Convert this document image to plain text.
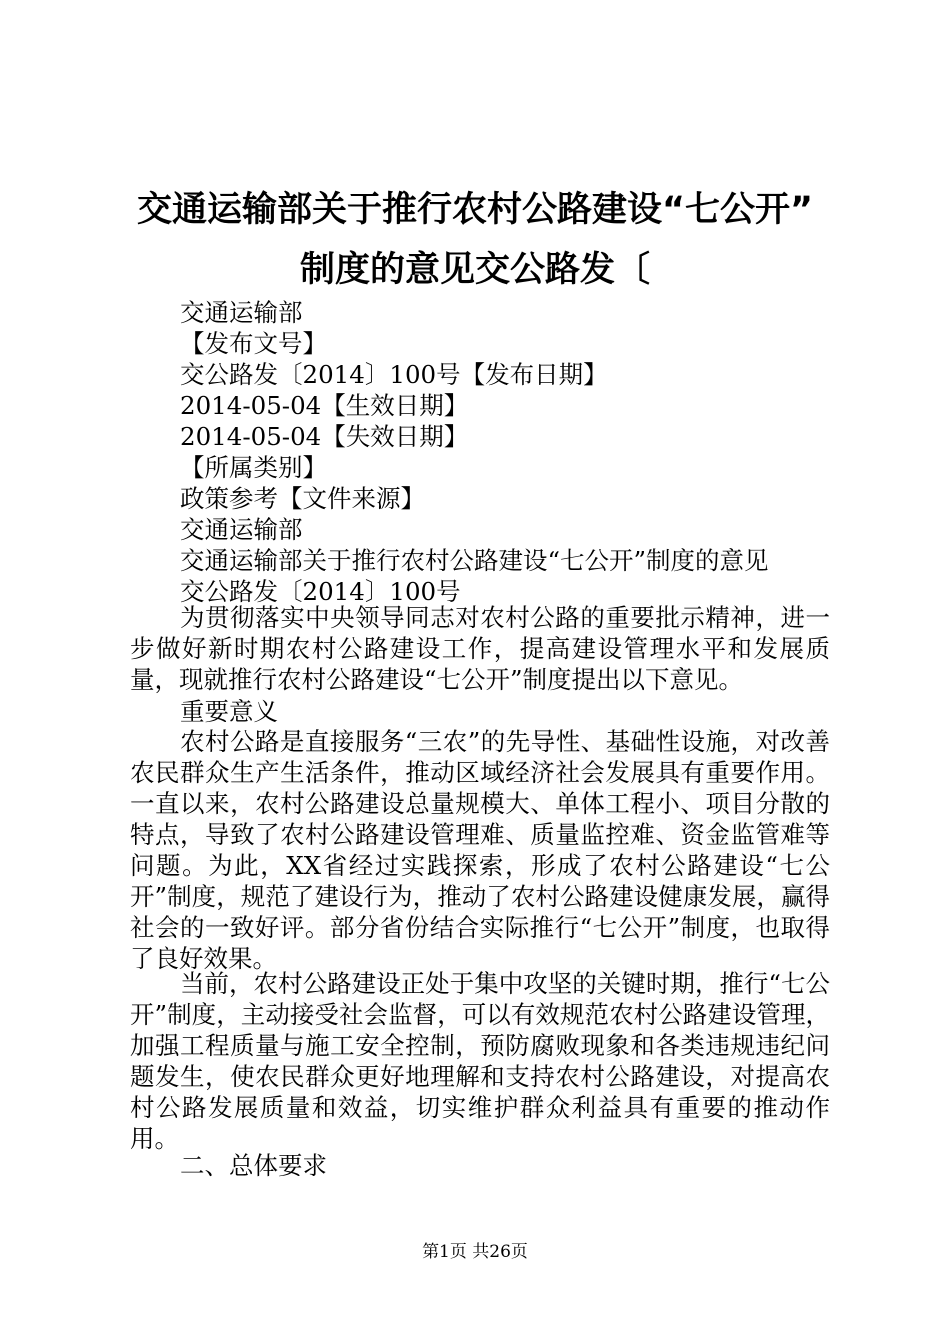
交通运输部关于推行农村公路建设“七公开”
制度的意见交公路发〔
交通运输部
【发布文号】
交公路发〔2014〕100号【发布日期】
2014-05-04【生效日期】
2014-05-04【失效日期】
【所属类别】
政策参考【文件来源】
交通运输部
交通运输部关于推行农村公路建设“七公开”制度的意见
交公路发〔2014〕100号
为贯彻落实中央领导同志对农村公路的重要批示精神，进一步做好新时期农村公路建设工作，提高建设管理水平和发展质量，现就推行农村公路建设“七公开”制度提出以下意见。
重要意义
农村公路是直接服务“三农”的先导性、基础性设施，对改善农民群众生产生活条件，推动区域经济社会发展具有重要作用。一直以来，农村公路建设总量规模大、单体工程小、项目分散的特点，导致了农村公路建设管理难、质量监控难、资金监管难等问题。为此，XX省经过实践探索，形成了农村公路建设“七公开”制度，规范了建设行为，推动了农村公路建设健康发展，赢得社会的一致好评。部分省份结合实际推行“七公开”制度，也取得了良好效果。
当前，农村公路建设正处于集中攻坚的关键时期，推行“七公开”制度，主动接受社会监督，可以有效规范农村公路建设管理，加强工程质量与施工安全控制，预防腐败现象和各类违规违纪问题发生，使农民群众更好地理解和支持农村公路建设，对提高农村公路发展质量和效益，切实维护群众利益具有重要的推动作用。
二、总体要求
第1页 共26页
